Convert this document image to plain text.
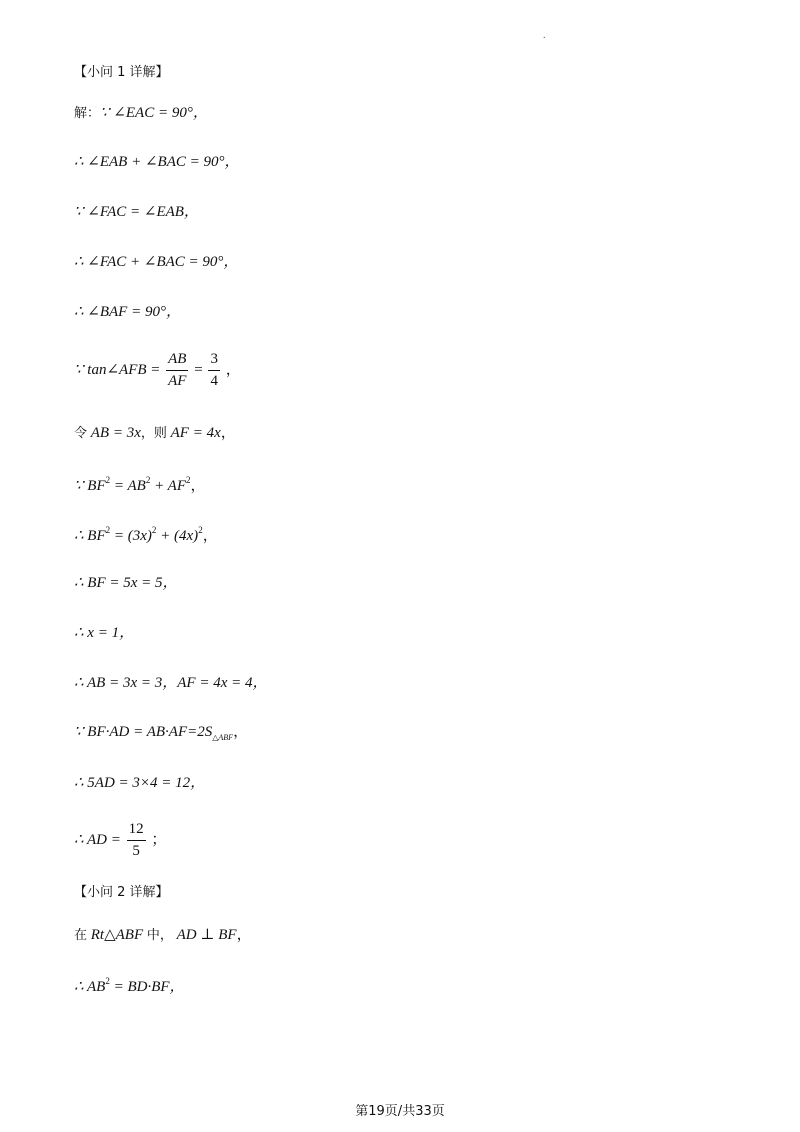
.
【小问 1 详解】
解：∵ ∠EAC = 90°，
∴ ∠EAB + ∠BAC = 90°，
∵ ∠FAC = ∠EAB，
∴ ∠FAC + ∠BAC = 90°，
∴ ∠BAF = 90°，
∵ tan∠AFB = $\frac{AB}{AF} = \frac{3}{4}$ ，
令 AB = 3x，则 AF = 4x，
∵ $BF^2 = AB^2 + AF^2$，
∴ $BF^2 = (3x)^2 + (4x)^2$，
∴ BF = 5x = 5，
∴ x = 1，
∴ AB = 3x = 3，AF = 4x = 4，
∵ $BF\cdot AD = AB\cdot AF=2S_{\triangle ABF}$，
∴ 5AD = 3×4 = 12，
∴ AD = $\frac{12}{5}$ ；
【小问 2 详解】
在 Rt△ABF 中， AD ⊥ BF，
∴ $AB^2 = BD\cdot BF$，
第19页/共33页
